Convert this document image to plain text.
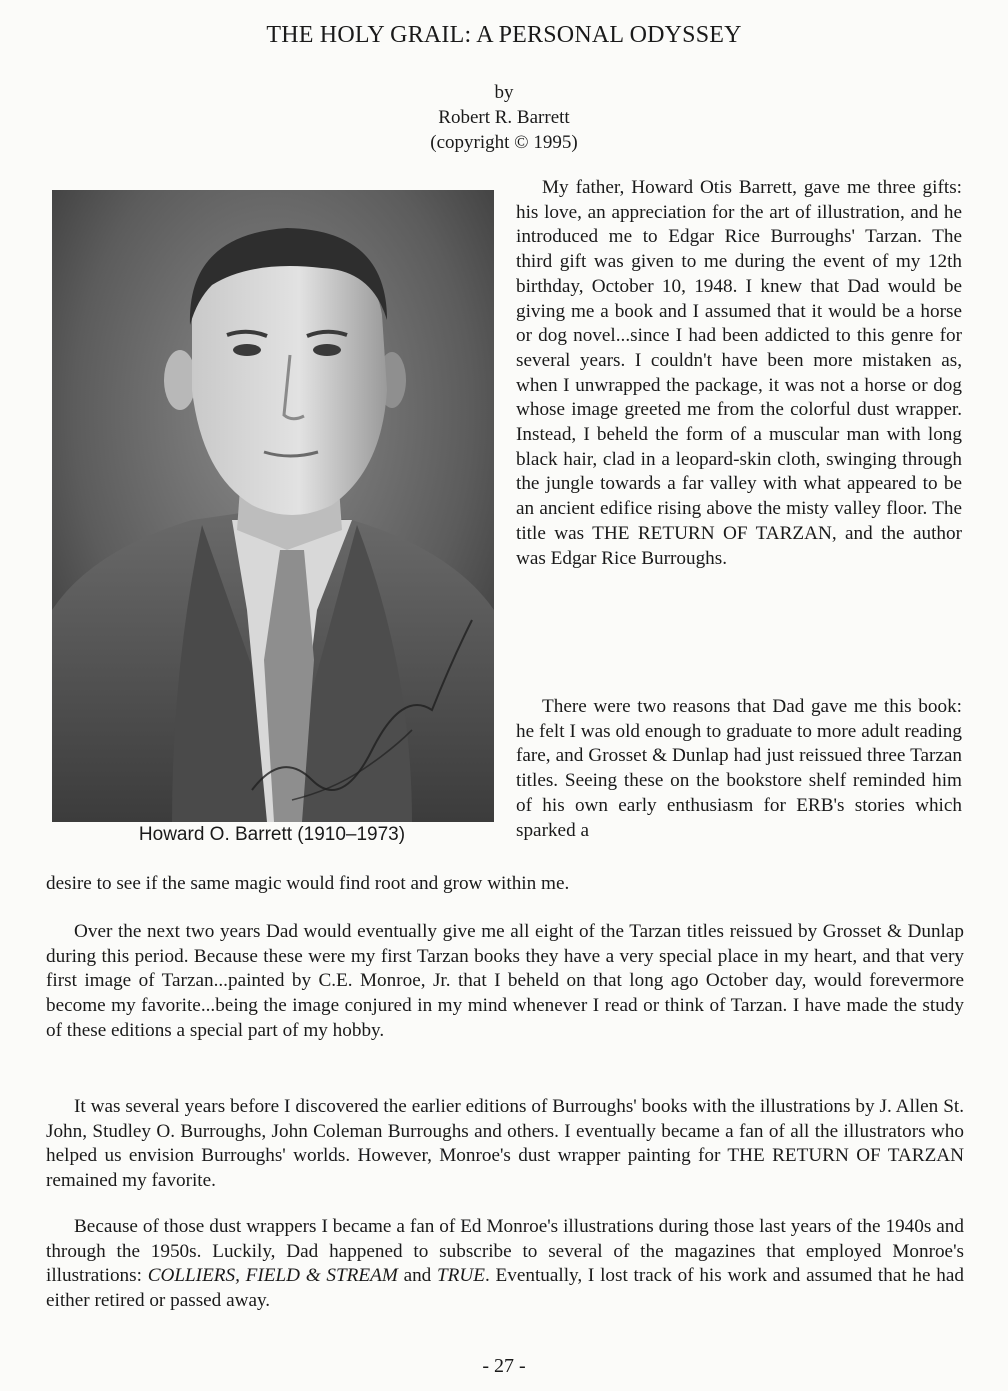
THE HOLY GRAIL: A PERSONAL ODYSSEY
by
Robert R. Barrett
(copyright © 1995)
Howard O. Barrett (1910–1973)

My father, Howard Otis Barrett, gave me three gifts: his love, an appreciation for the art of illustration, and he introduced me to Edgar Rice Burroughs' Tarzan. The third gift was given to me during the event of my 12th birthday, October 10, 1948. I knew that Dad would be giving me a book and I assumed that it would be a horse or dog novel...since I had been addicted to this genre for several years. I couldn't have been more mistaken as, when I unwrapped the package, it was not a horse or dog whose image greeted me from the colorful dust wrapper. Instead, I beheld the form of a muscular man with long black hair, clad in a leopard-skin cloth, swinging through the jungle towards a far valley with what appeared to be an ancient edifice rising above the misty valley floor. The title was THE RETURN OF TARZAN, and the author was Edgar Rice Burroughs.

There were two reasons that Dad gave me this book: he felt I was old enough to graduate to more adult reading fare, and Grosset & Dunlap had just reissued three Tarzan titles. Seeing these on the bookstore shelf reminded him of his own early enthusiasm for ERB's stories which sparked a

desire to see if the same magic would find root and grow within me.

Over the next two years Dad would eventually give me all eight of the Tarzan titles reissued by Grosset & Dunlap during this period. Because these were my first Tarzan books they have a very special place in my heart, and that very first image of Tarzan...painted by C.E. Monroe, Jr. that I beheld on that long ago October day, would forevermore become my favorite...being the image conjured in my mind whenever I read or think of Tarzan. I have made the study of these editions a special part of my hobby.

It was several years before I discovered the earlier editions of Burroughs' books with the illustrations by J. Allen St. John, Studley O. Burroughs, John Coleman Burroughs and others. I eventually became a fan of all the illustrators who helped us envision Burroughs' worlds. However, Monroe's dust wrapper painting for THE RETURN OF TARZAN remained my favorite.

Because of those dust wrappers I became a fan of Ed Monroe's illustrations during those last years of the 1940s and through the 1950s. Luckily, Dad happened to subscribe to several of the magazines that employed Monroe's illustrations: COLLIERS, FIELD & STREAM and TRUE. Eventually, I lost track of his work and assumed that he had either retired or passed away.

- 27 -
